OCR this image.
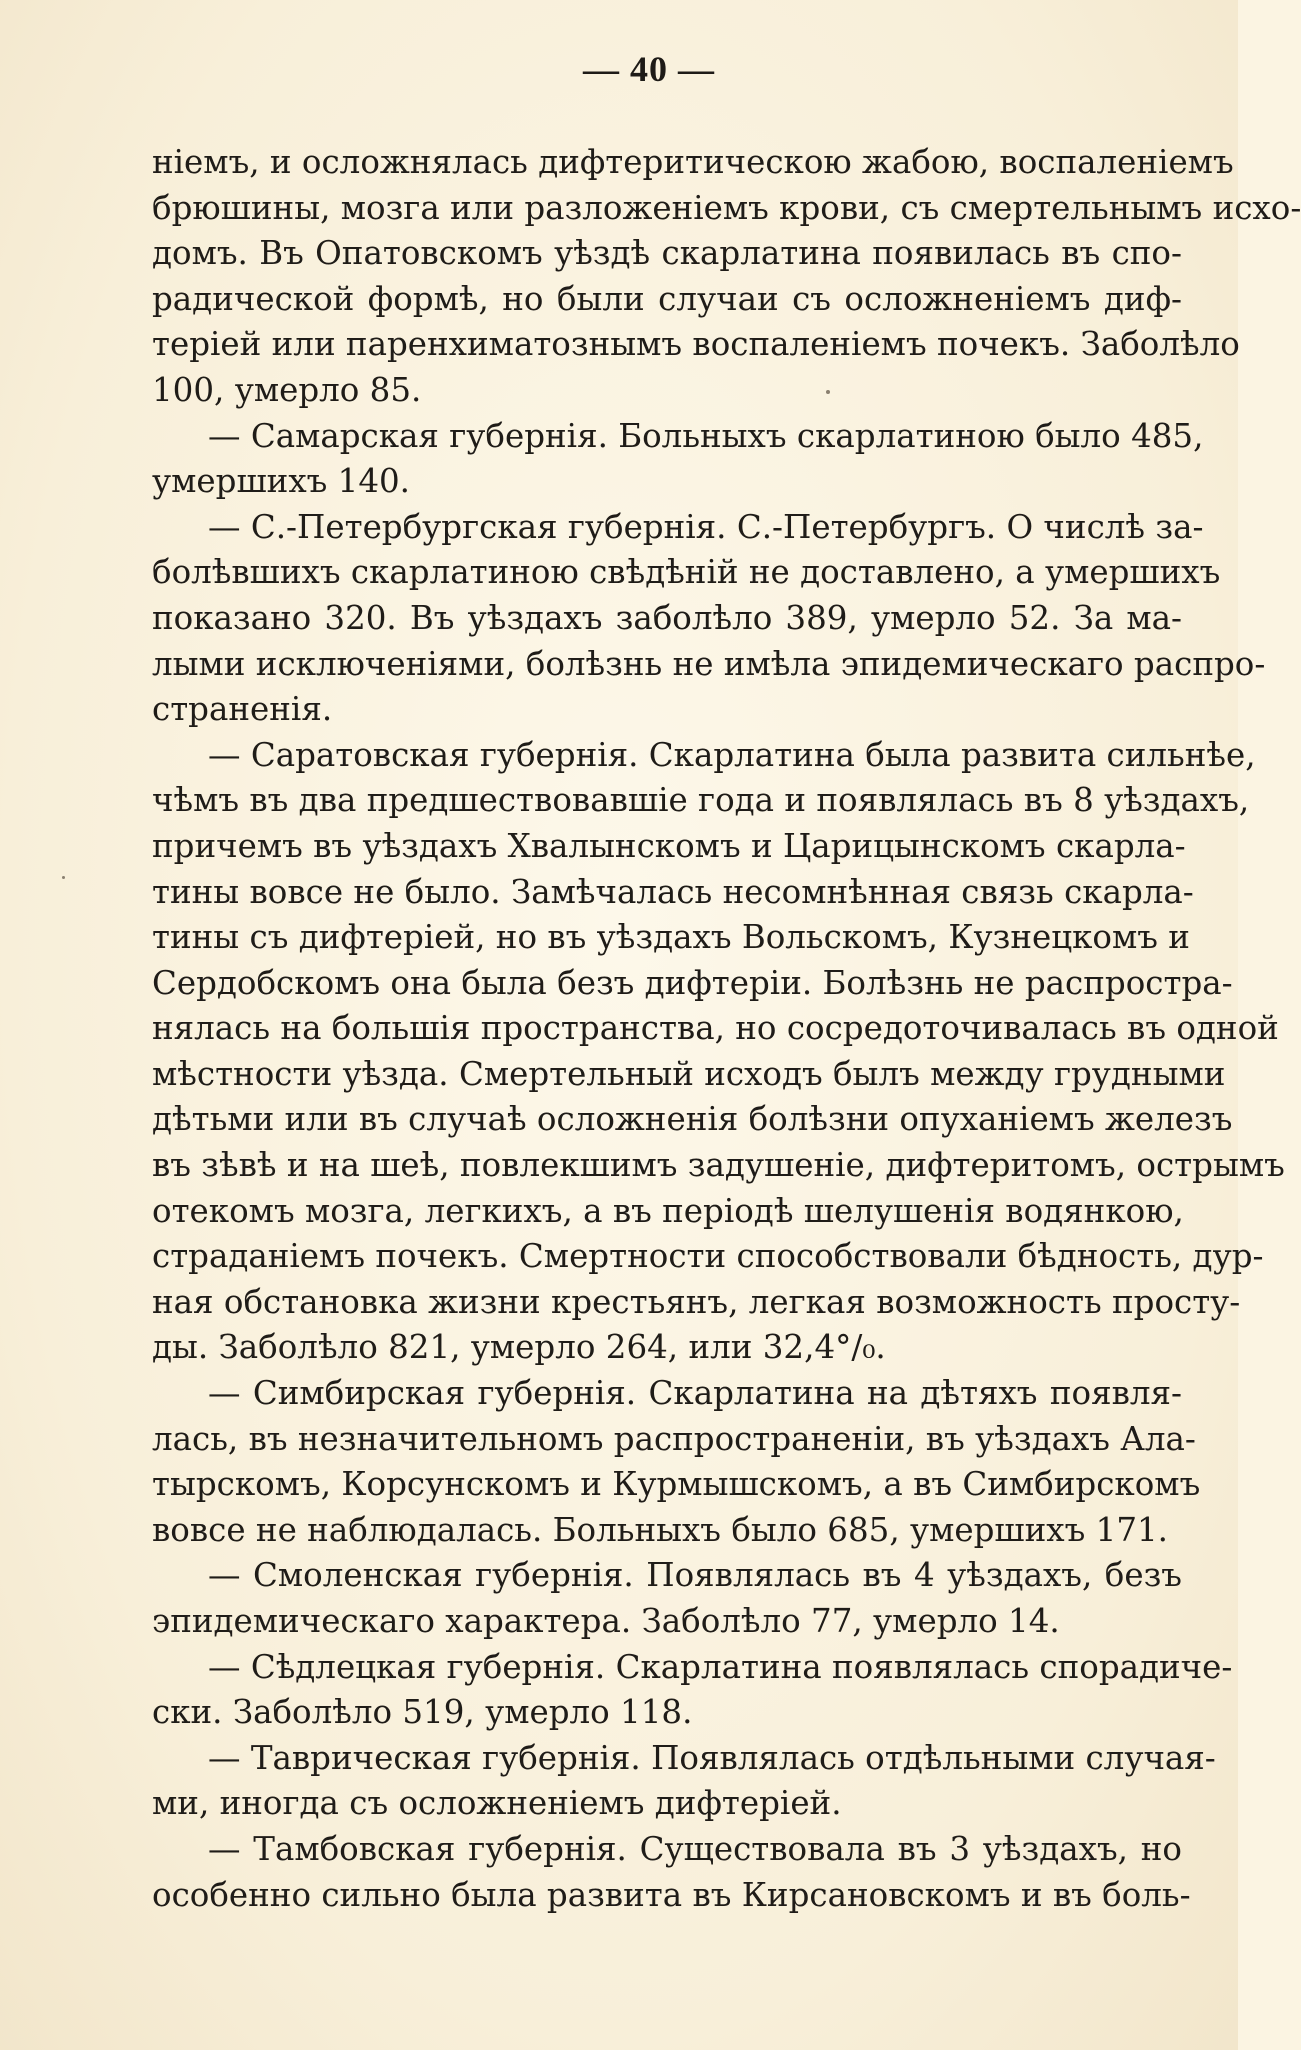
— 40 —
ніемъ, и осложнялась дифтеритическою жабою, воспаленіемъ
брюшины, мозга или разложеніемъ крови, съ смертельнымъ исхо-
домъ. Въ Опатовскомъ уѣздѣ скарлатина появилась въ спо-
радической формѣ, но были случаи съ осложненіемъ диф-
теріей или паренхиматознымъ воспаленіемъ почекъ. Заболѣло
100, умерло 85.
— Самарская губернія. Больныхъ скарлатиною было 485,
умершихъ 140.
— С.-Петербургская губернія. С.-Петербургъ. О числѣ за-
болѣвшихъ скарлатиною свѣдѣній не доставлено, а умершихъ
показано 320. Въ уѣздахъ заболѣло 389, умерло 52. За ма-
лыми исключеніями, болѣзнь не имѣла эпидемическаго распро-
страненія.
— Саратовская губернія. Скарлатина была развита сильнѣе,
чѣмъ въ два предшествовавшіе года и появлялась въ 8 уѣздахъ,
причемъ въ уѣздахъ Хвалынскомъ и Царицынскомъ скарла-
тины вовсе не было. Замѣчалась несомнѣнная связь скарла-
тины съ дифтеріей, но въ уѣздахъ Вольскомъ, Кузнецкомъ и
Сердобскомъ она была безъ дифтеріи. Болѣзнь не распростра-
нялась на большія пространства, но сосредоточивалась въ одной
мѣстности уѣзда. Смертельный исходъ былъ между грудными
дѣтьми или въ случаѣ осложненія болѣзни опуханіемъ железъ
въ зѣвѣ и на шеѣ, повлекшимъ задушеніе, дифтеритомъ, острымъ
отекомъ мозга, легкихъ, а въ періодѣ шелушенія водянкою,
страданіемъ почекъ. Смертности способствовали бѣдность, дур-
ная обстановка жизни крестьянъ, легкая возможность просту-
ды. Заболѣло 821, умерло 264, или 32,4°/₀.
— Симбирская губернія. Скарлатина на дѣтяхъ появля-
лась, въ незначительномъ распространеніи, въ уѣздахъ Ала-
тырскомъ, Корсунскомъ и Курмышскомъ, а въ Симбирскомъ
вовсе не наблюдалась. Больныхъ было 685, умершихъ 171.
— Смоленская губернія. Появлялась въ 4 уѣздахъ, безъ
эпидемическаго характера. Заболѣло 77, умерло 14.
— Сѣдлецкая губернія. Скарлатина появлялась спорадиче-
ски. Заболѣло 519, умерло 118.
— Таврическая губернія. Появлялась отдѣльными случая-
ми, иногда съ осложненіемъ дифтеріей.
— Тамбовская губернія. Существовала въ 3 уѣздахъ, но
особенно сильно была развита въ Кирсановскомъ и въ боль-
